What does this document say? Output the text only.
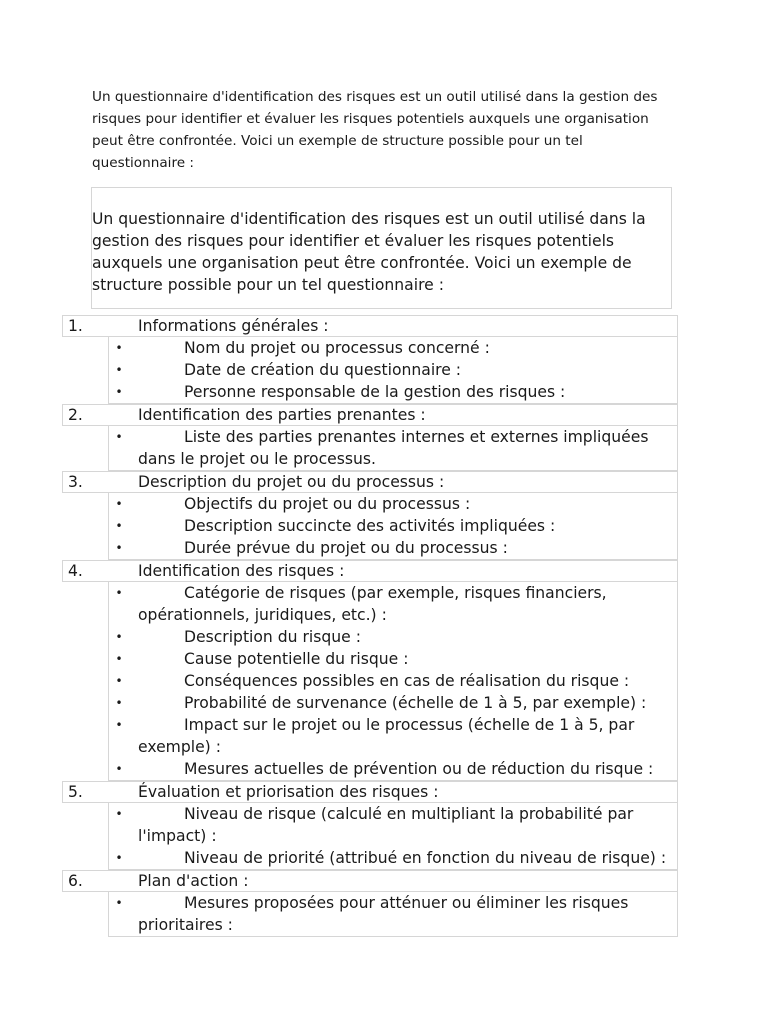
Un questionnaire d'identification des risques est un outil utilisé dans la gestion des risques pour identifier et évaluer les risques potentiels auxquels une organisation peut être confrontée. Voici un exemple de structure possible pour un tel questionnaire :

Un questionnaire d'identification des risques est un outil utilisé dans la gestion des risques pour identifier et évaluer les risques potentiels auxquels une organisation peut être confrontée. Voici un exemple de structure possible pour un tel questionnaire :

1.	Informations générales :
•	Nom du projet ou processus concerné :
•	Date de création du questionnaire :
•	Personne responsable de la gestion des risques :
2.	Identification des parties prenantes :
•	Liste des parties prenantes internes et externes impliquées dans le projet ou le processus.
3.	Description du projet ou du processus :
•	Objectifs du projet ou du processus :
•	Description succincte des activités impliquées :
•	Durée prévue du projet ou du processus :
4.	Identification des risques :
•	Catégorie de risques (par exemple, risques financiers, opérationnels, juridiques, etc.) :
•	Description du risque :
•	Cause potentielle du risque :
•	Conséquences possibles en cas de réalisation du risque :
•	Probabilité de survenance (échelle de 1 à 5, par exemple) :
•	Impact sur le projet ou le processus (échelle de 1 à 5, par exemple) :
•	Mesures actuelles de prévention ou de réduction du risque :
5.	Évaluation et priorisation des risques :
•	Niveau de risque (calculé en multipliant la probabilité par l'impact) :
•	Niveau de priorité (attribué en fonction du niveau de risque) :
6.	Plan d'action :
•	Mesures proposées pour atténuer ou éliminer les risques prioritaires :
